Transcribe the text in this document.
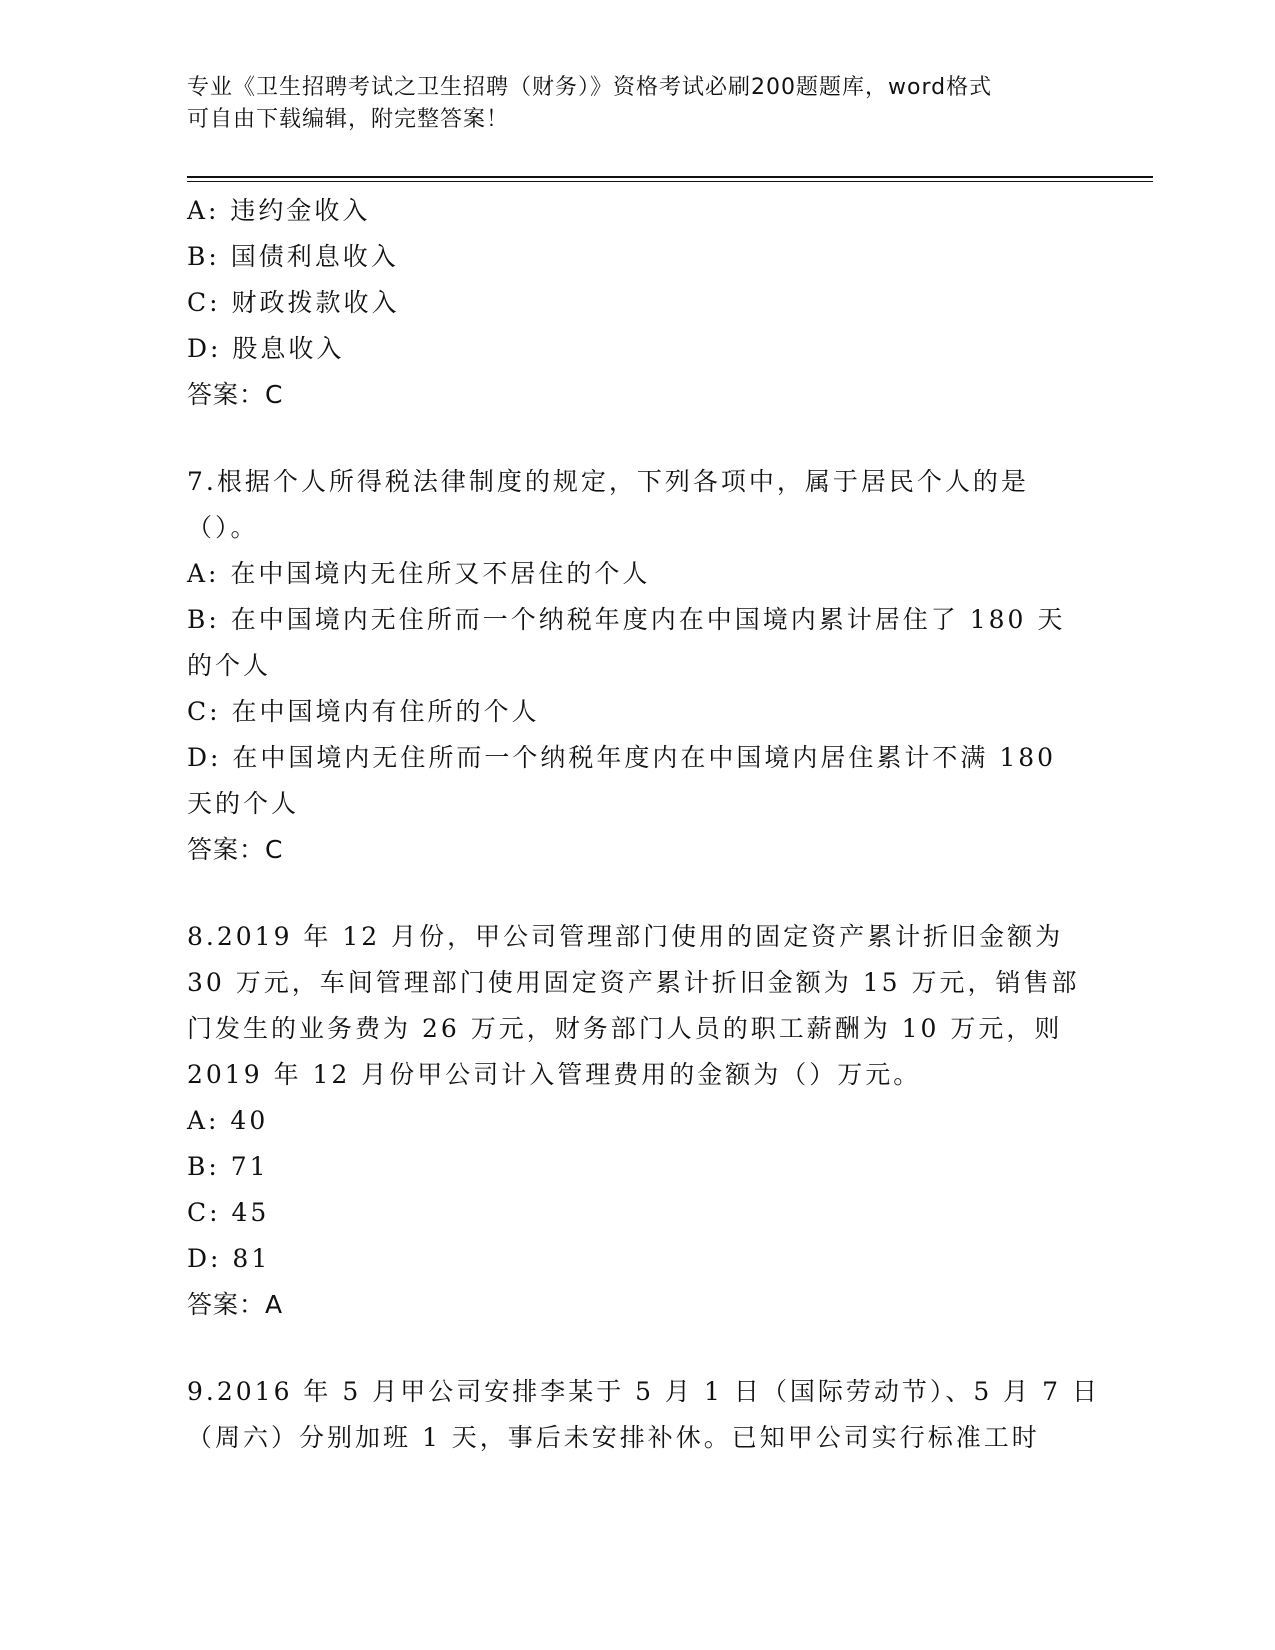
专业《卫生招聘考试之卫生招聘（财务）》资格考试必刷200题题库，word格式
可自由下载编辑，附完整答案！
A: 违约金收入
B: 国债利息收入
C: 财政拨款收入
D: 股息收入
答案：C
7.根据个人所得税法律制度的规定，下列各项中，属于居民个人的是
（）。
A: 在中国境内无住所又不居住的个人
B: 在中国境内无住所而一个纳税年度内在中国境内累计居住了 180 天
的个人
C: 在中国境内有住所的个人
D: 在中国境内无住所而一个纳税年度内在中国境内居住累计不满 180
天的个人
答案：C
8.2019 年 12 月份，甲公司管理部门使用的固定资产累计折旧金额为
30 万元，车间管理部门使用固定资产累计折旧金额为 15 万元，销售部
门发生的业务费为 26 万元，财务部门人员的职工薪酬为 10 万元，则
2019 年 12 月份甲公司计入管理费用的金额为（）万元。
A: 40
B: 71
C: 45
D: 81
答案：A
9.2016 年 5 月甲公司安排李某于 5 月 1 日（国际劳动节）、5 月 7 日
（周六）分别加班 1 天，事后未安排补休。已知甲公司实行标准工时
